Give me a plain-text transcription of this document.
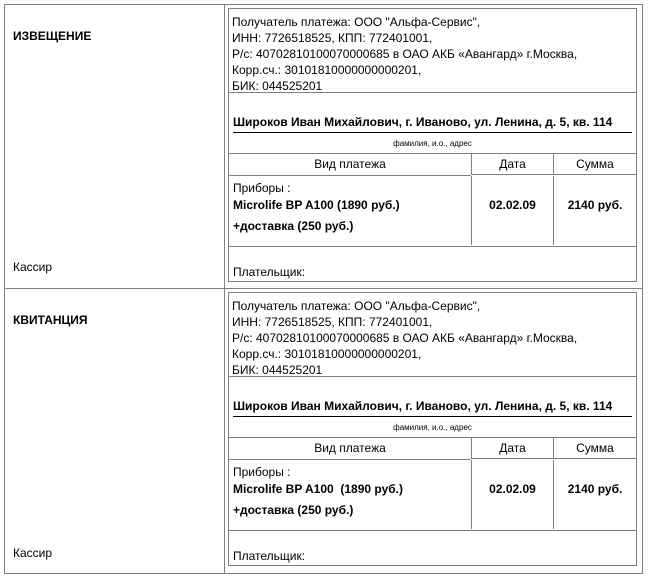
ИЗВЕЩЕНИЕ
Кассир
Получатель платежа: ООО "Альфа-Сервис",
ИНН: 7726518525, КПП: 772401001,
Р/с: 40702810100070000685 в ОАО АКБ «Авангард» г.Москва,
Корр.сч.: 30101810000000000201,
БИК: 044525201
Широков Иван Михайлович, г. Иваново, ул. Ленина, д. 5, кв. 114
фамилия, и.о., адрес
Вид платежа	Дата	Сумма
Приборы :
Microlife BP A100 (1890 руб.)
+доставка (250 руб.)
02.02.09	2140 руб.
Плательщик:
КВИТАНЦИЯ
Кассир
Получатель платежа: ООО "Альфа-Сервис",
ИНН: 7726518525, КПП: 772401001,
Р/с: 40702810100070000685 в ОАО АКБ «Авангард» г.Москва,
Корр.сч.: 30101810000000000201,
БИК: 044525201
Широков Иван Михайлович, г. Иваново, ул. Ленина, д. 5, кв. 114
фамилия, и.о., адрес
Вид платежа	Дата	Сумма
Приборы :
Microlife BP A100  (1890 руб.)
+доставка (250 руб.)
02.02.09	2140 руб.
Плательщик:
